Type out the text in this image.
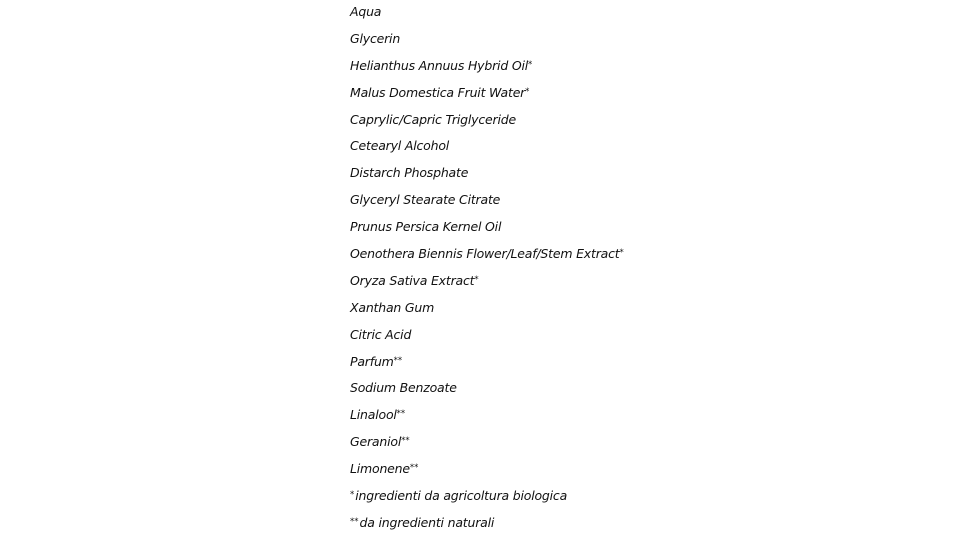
Aqua
Glycerin
Helianthus Annuus Hybrid Oil*
Malus Domestica Fruit Water*
Caprylic/Capric Triglyceride
Cetearyl Alcohol
Distarch Phosphate
Glyceryl Stearate Citrate
Prunus Persica Kernel Oil
Oenothera Biennis Flower/Leaf/Stem Extract*
Oryza Sativa Extract*
Xanthan Gum
Citric Acid
Parfum**
Sodium Benzoate
Linalool**
Geraniol**
Limonene**
*ingredienti da agricoltura biologica
**da ingredienti naturali
